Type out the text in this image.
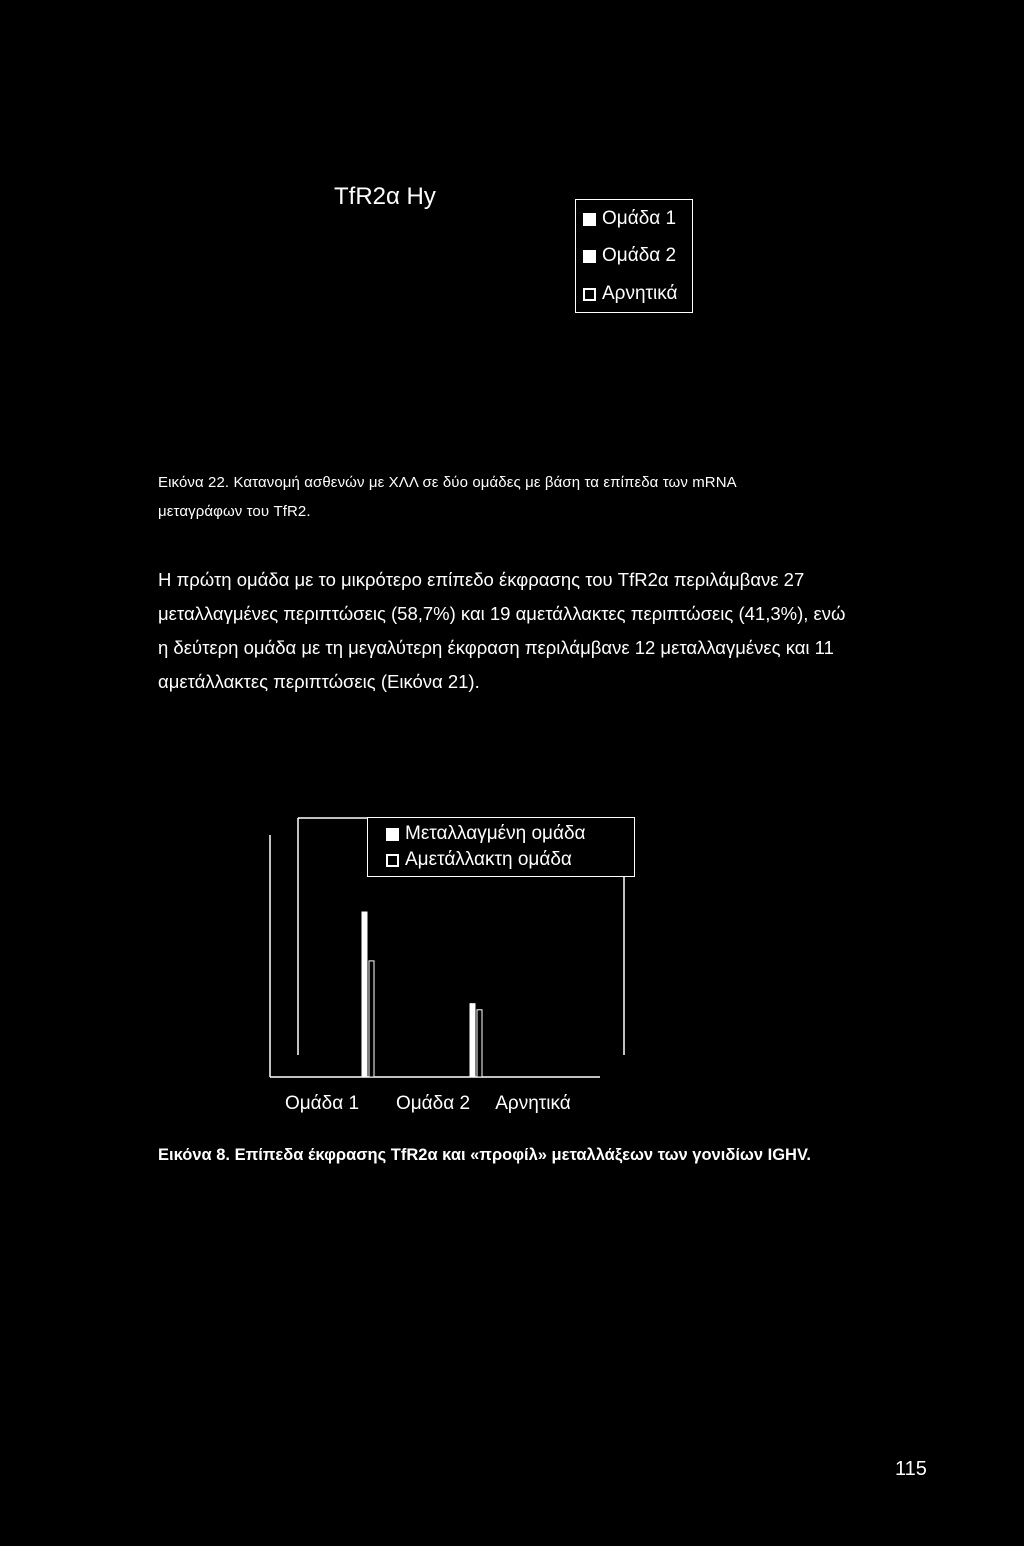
TfR2α Hy
Ομάδα 1
Ομάδα 2
Αρνητικά
Εικόνα 22. Κατανομή ασθενών με ΧΛΛ σε δύο ομάδες με βάση τα επίπεδα των mRNA
μεταγράφων του TfR2.
Η πρώτη ομάδα με το μικρότερο επίπεδο έκφρασης του TfR2α περιλάμβανε 27
μεταλλαγμένες περιπτώσεις (58,7%) και 19 αμετάλλακτες περιπτώσεις (41,3%), ενώ
η δεύτερη ομάδα με τη μεγαλύτερη έκφραση περιλάμβανε 12 μεταλλαγμένες και 11
αμετάλλακτες περιπτώσεις (Εικόνα 21).
Ομάδα 1 Ομάδα 2 Αρνητικά
Μεταλλαγμένη ομάδα
Αμετάλλακτη ομάδα
Εικόνα 8. Επίπεδα έκφρασης TfR2α και «προφίλ» μεταλλάξεων των γονιδίων IGHV.
115
